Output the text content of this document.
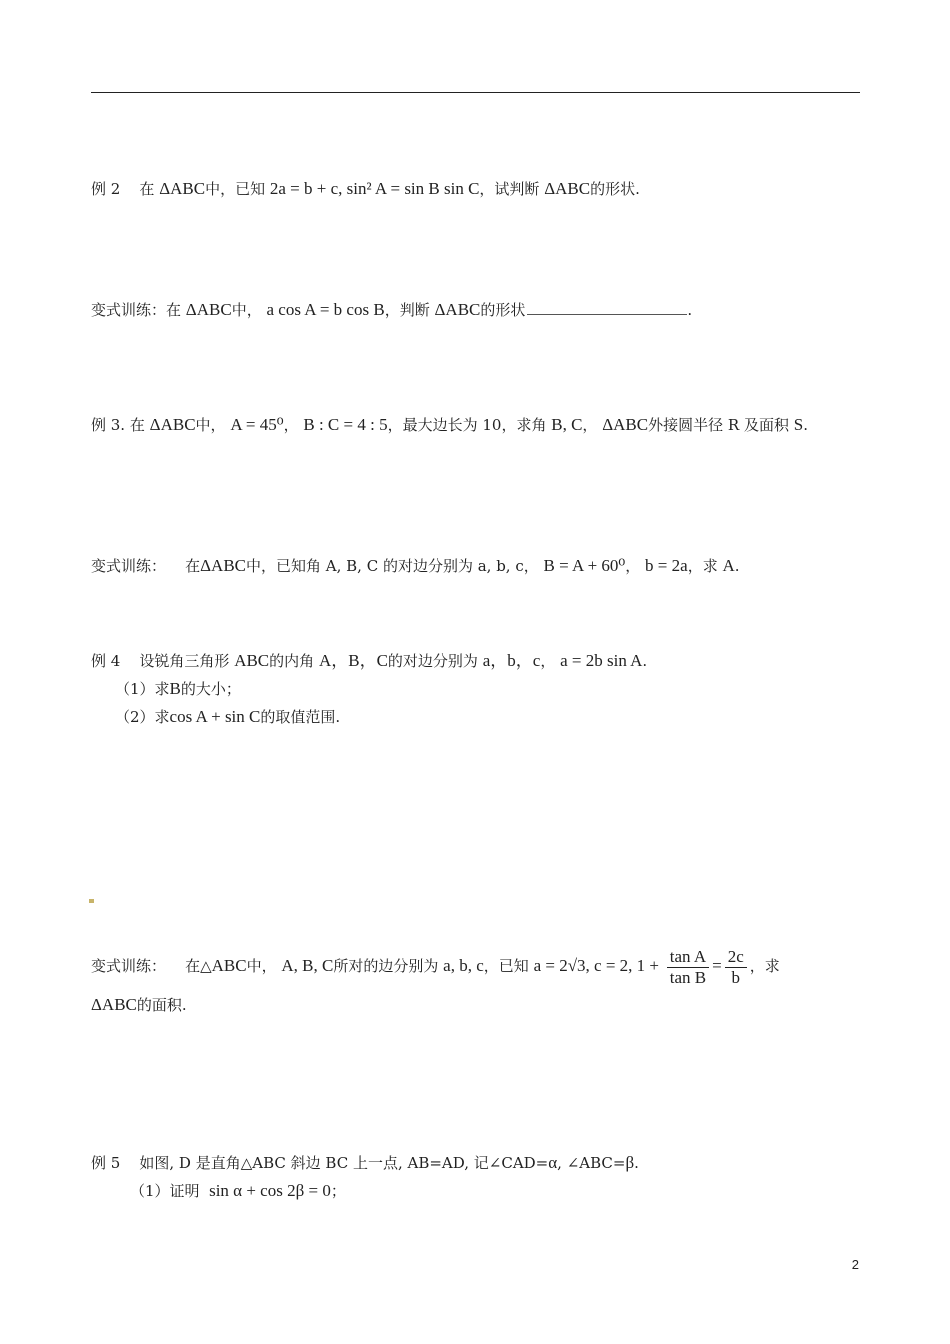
例 2 在 ΔABC中，已知 2a = b + c, sin² A = sin B sin C，试判断 ΔABC的形状.
变式训练：在 ΔABC中， a cos A = b cos B，判断 ΔABC的形状	.
例 3. 在 ΔABC中， A = 45⁰， B : C = 4 : 5，最大边长为 10，求角 B, C， ΔABC外接圆半径 R 及面积 S.
变式训练： 在ΔABC中，已知角 A, B, C 的对边分别为 a, b, c， B = A + 60⁰， b = 2a，求 A.
例 4 设锐角三角形 ABC的内角 A，B，C的对边分别为 a，b，c， a = 2b sin A.
（1）求B的大小；
（2）求cos A + sin C的取值范围.
变式训练： 在△ABC中， A, B, C所对的边分别为 a, b, c，已知 a = 2√3, c = 2, $1 + \frac{\text{tan A}}{\text{tan B}} = \frac{2c}{b}$ ，求
ΔABC的面积.
例 5 如图, D 是直角△ABC 斜边 BC 上一点, AB=AD, 记∠CAD=α, ∠ABC=β.
（1）证明 sin α + cos 2β = 0；
2
